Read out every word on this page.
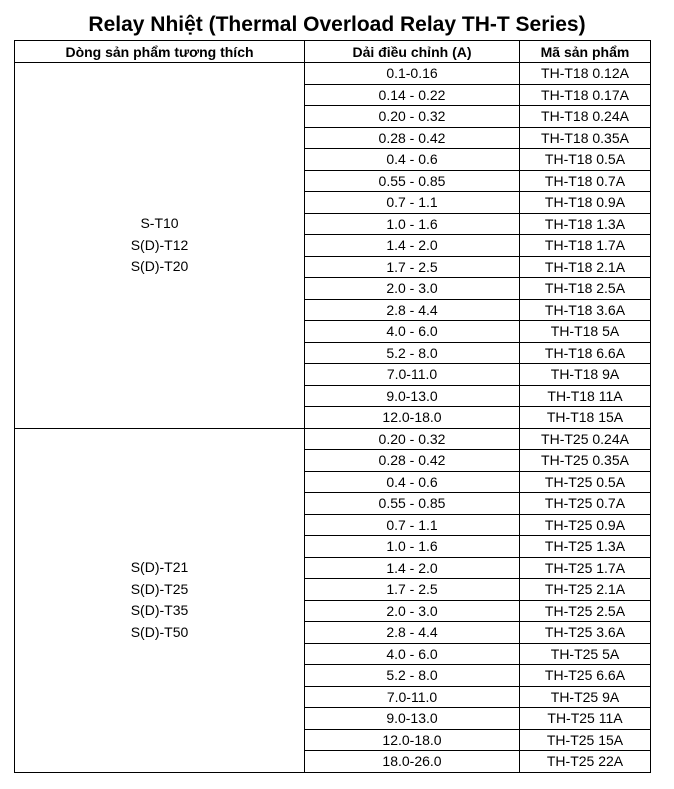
Relay Nhiệt (Thermal Overload Relay TH-T Series)
Dòng sản phẩm tương thích	Dải điều chỉnh (A)	Mã sản phẩm

S-T10
S(D)-T12
S(D)-T20	0.1-0.16	TH-T18 0.12A
	0.14 - 0.22	TH-T18 0.17A
	0.20 - 0.32	TH-T18 0.24A
	0.28 - 0.42	TH-T18 0.35A
	0.4 - 0.6	TH-T18 0.5A
	0.55 - 0.85	TH-T18 0.7A
	0.7 - 1.1	TH-T18 0.9A
	1.0 - 1.6	TH-T18 1.3A
	1.4 - 2.0	TH-T18 1.7A
	1.7 - 2.5	TH-T18 2.1A
	2.0 - 3.0	TH-T18 2.5A
	2.8 - 4.4	TH-T18 3.6A
	4.0 - 6.0	TH-T18 5A
	5.2 - 8.0	TH-T18 6.6A
	7.0-11.0	TH-T18 9A
	9.0-13.0	TH-T18 11A
	12.0-18.0	TH-T18 15A

S(D)-T21
S(D)-T25
S(D)-T35
S(D)-T50	0.20 - 0.32	TH-T25 0.24A
	0.28 - 0.42	TH-T25 0.35A
	0.4 - 0.6	TH-T25 0.5A
	0.55 - 0.85	TH-T25 0.7A
	0.7 - 1.1	TH-T25 0.9A
	1.0 - 1.6	TH-T25 1.3A
	1.4 - 2.0	TH-T25 1.7A
	1.7 - 2.5	TH-T25 2.1A
	2.0 - 3.0	TH-T25 2.5A
	2.8 - 4.4	TH-T25 3.6A
	4.0 - 6.0	TH-T25 5A
	5.2 - 8.0	TH-T25 6.6A
	7.0-11.0	TH-T25 9A
	9.0-13.0	TH-T25 11A
	12.0-18.0	TH-T25 15A
	18.0-26.0	TH-T25 22A
